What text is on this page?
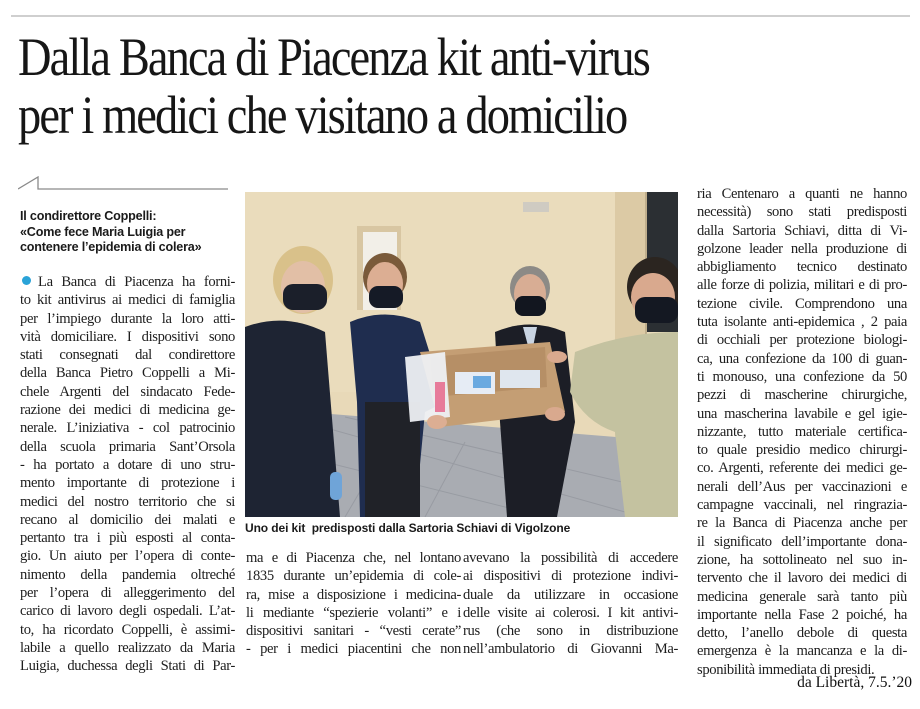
Dalla Banca di Piacenza kit anti-virus
per i medici che visitano a domicilio
Il condirettore Coppelli:
«Come fece Maria Luigia per
contenere l’epidemia di colera»
La Banca di Piacenza ha forni-
to kit antivirus ai medici di famiglia
per l’impiego durante la loro atti-
vità domiciliare. I dispositivi sono
stati consegnati dal condirettore
della Banca Pietro Coppelli a Mi-
chele Argenti del sindacato Fede-
razione dei medici di medicina ge-
nerale. L’iniziativa - col patrocinio
della scuola primaria Sant’Orsola
- ha portato a dotare di uno stru-
mento importante di protezione i
medici del nostro territorio che si
recano al domicilio dei malati e
pertanto tra i più esposti al conta-
gio. Un aiuto per l’opera di conte-
nimento della pandemia oltreché
per l’opera di alleggerimento del
carico di lavoro degli ospedali. L’at-
to, ha ricordato Coppelli, è assimi-
labile a quello realizzato da Maria
Luigia, duchessa degli Stati di Par-
Uno dei kit  predisposti dalla Sartoria Schiavi di Vigolzone
ma e di Piacenza che, nel lontano
1835 durante un’epidemia di cole-
ra, mise a disposizione i medicina-
li mediante “spezierie volanti” e i
dispositivi sanitari - “vesti cerate”
- per i medici piacentini che non
avevano la possibilità di accedere
ai dispositivi di protezione indivi-
duale da utilizzare in occasione
delle visite ai colerosi. I kit antivi-
rus (che sono in distribuzione
nell’ambulatorio di Giovanni Ma-
ria Centenaro a quanti ne hanno
necessità) sono stati predisposti
dalla Sartoria Schiavi, ditta di Vi-
golzone leader nella produzione di
abbigliamento tecnico destinato
alle forze di polizia, militari e di pro-
tezione civile. Comprendono una
tuta isolante anti-epidemica , 2 paia
di occhiali per protezione biologi-
ca, una confezione da 100 di guan-
ti monouso, una confezione da 50
pezzi di mascherine chirurgiche,
una mascherina lavabile e gel igie-
nizzante, tutto materiale certifica-
to quale presidio medico chirurgi-
co. Argenti, referente dei medici ge-
nerali dell’Aus per vaccinazioni e
campagne vaccinali, nel ringrazia-
re la Banca di Piacenza anche per
il significato dell’importante dona-
zione, ha sottolineato nel suo in-
tervento che il lavoro dei medici di
medicina generale sarà tanto più
importante nella Fase 2 poiché, ha
detto, l’anello debole di questa
emergenza è la mancanza e la di-
sponibilità immediata di presidi.
da Libertà, 7.5.’20
